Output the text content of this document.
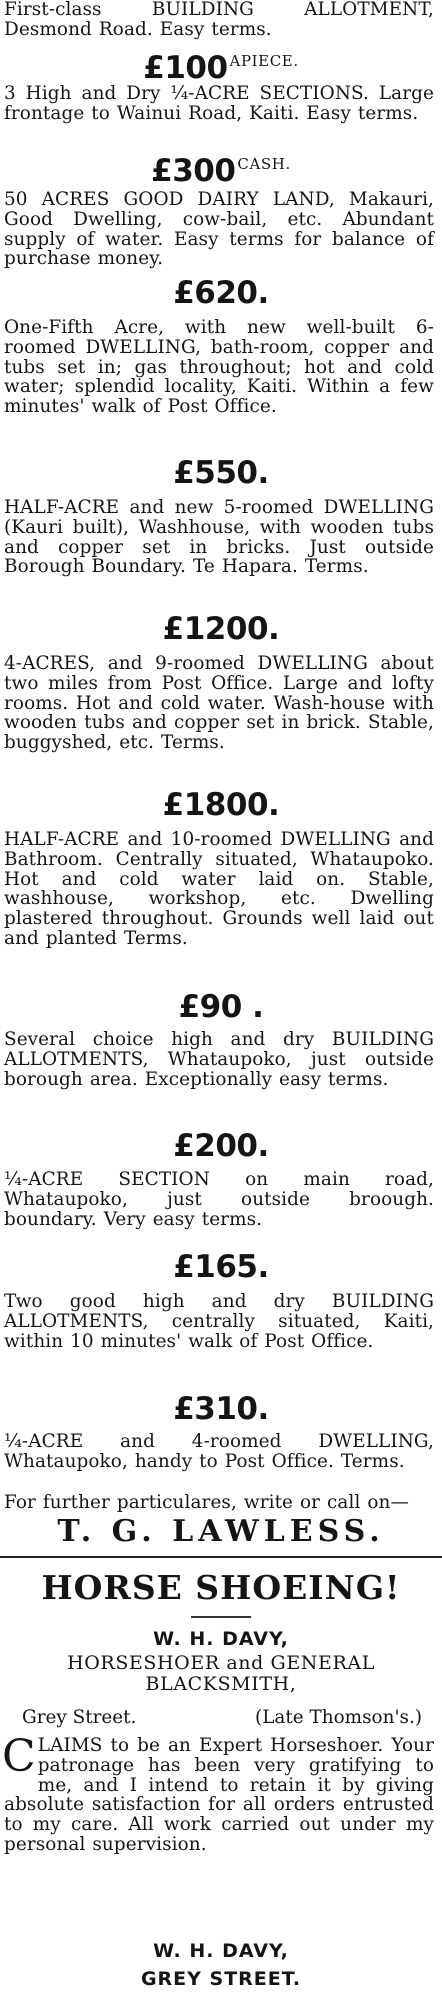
First-class BUILDING ALLOTMENT, Desmond Road. Easy terms.
£100 $^{APIECE.}$
3 High and Dry ¼-ACRE SECTIONS. Large frontage to Wainui Road, Kaiti. Easy terms.
£300 $^{CASH.}$
50 ACRES GOOD DAIRY LAND, Makauri, Good Dwelling, cow-bail, etc. Abundant supply of water. Easy terms for balance of purchase money.
£620.
One-Fifth Acre, with new well-built 6-roomed DWELLING, bath-room, copper and tubs set in; gas throughout; hot and cold water; splendid locality, Kaiti. Within a few minutes' walk of Post Office.
£550.
HALF-ACRE and new 5-roomed DWELLING (Kauri built), Washhouse, with wooden tubs and copper set in bricks. Just outside Borough Boundary. Te Hapara. Terms.
£1200.
4-ACRES, and 9-roomed DWELLING about two miles from Post Office. Large and lofty rooms. Hot and cold water. Wash-house with wooden tubs and copper set in brick. Stable, buggyshed, etc. Terms.
£1800.
HALF-ACRE and 10-roomed DWELLING and Bathroom. Centrally situated, Whataupoko. Hot and cold water laid on. Stable, washhouse, workshop, etc. Dwelling plastered throughout. Grounds well laid out and planted Terms.
£90 .
Several choice high and dry BUILDING ALLOTMENTS, Whataupoko, just outside borough area. Exceptionally easy terms.
£200.
¼-ACRE SECTION on main road, Whataupoko, just outside broough. boundary. Very easy terms.
£165.
Two good high and dry BUILDING ALLOTMENTS, centrally situated, Kaiti, within 10 minutes' walk of Post Office.
£310.
¼-ACRE and 4-roomed DWELLING, Whataupoko, handy to Post Office. Terms.
For further particulares, write or call on—
T. G. LAWLESS.
HORSE SHOEING!
W. H. DAVY,
HORSESHOER and GENERAL BLACKSMITH,
Grey Street.	(Late Thomson's.)
CLAIMS to be an Expert Horseshoer. Your patronage has been very gratifying to me, and I intend to retain it by giving absolute satisfaction for all orders entrusted to my care. All work carried out under my personal supervision.
W. H. DAVY,
GREY STREET.
